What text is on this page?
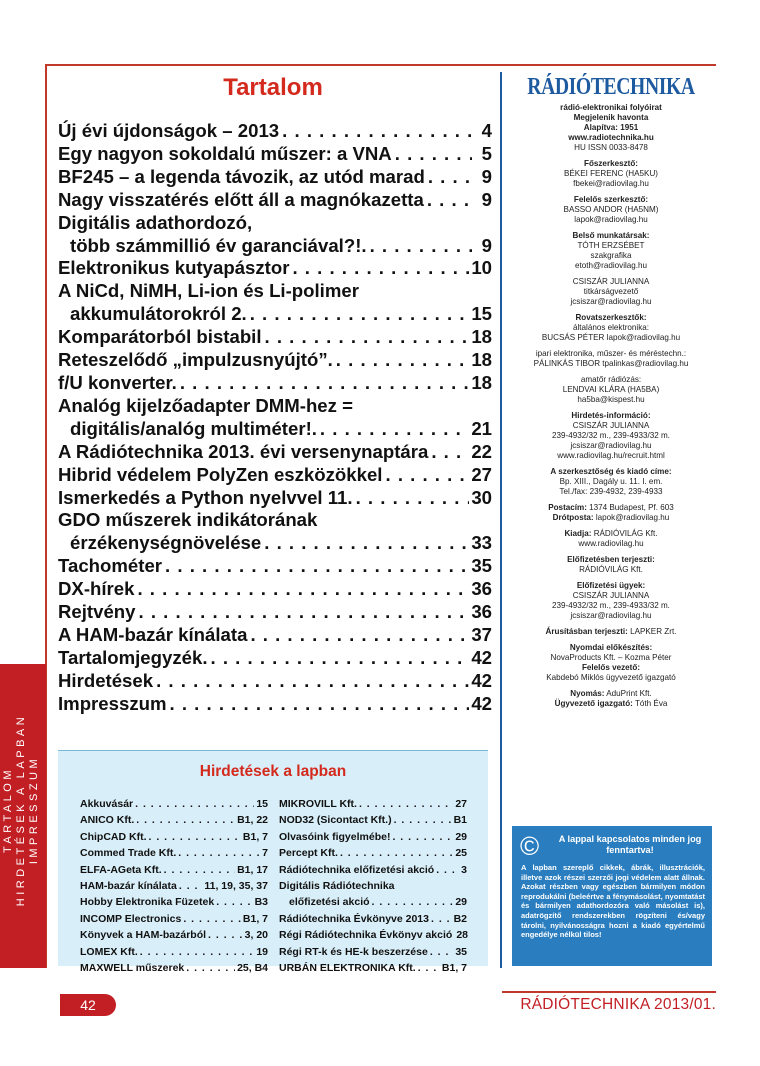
TARTALOM HIRDETÉSEK A LAPBAN IMPRESSZUM
Tartalom
Új évi újdonságok – 2013 . . .	4
Egy nagyon sokoldalú műszer: a VNA . . .	5
BF245 – a legenda távozik, az utód marad . . .	9
Nagy visszatérés előtt áll a magnókazetta . . .	9
Digitális adathordozó,
több számmillió év garanciával?!. . . .	9
Elektronikus kutyapásztor . . .	10
A NiCd, NiMH, Li-ion és Li-polimer
akkumulátorokról 2. . . .	15
Komparátorból bistabil . . .	18
Reteszelődő „impulzusnyújtó”. . . .	18
f/U konverter. . . .	18
Analóg kijelzőadapter DMM-hez =
digitális/analóg multiméter!. . . .	21
A Rádiótechnika 2013. évi versenynaptára . . . 22
Hibrid védelem PolyZen eszközökkel . . .	27
Ismerkedés a Python nyelvvel 11. . . .	30
GDO műszerek indikátorának
érzékenységnövelése . . .	33
Tachométer . . .	35
DX-hírek . . .	36
Rejtvény . . .	36
A HAM-bazár kínálata . . .	37
Tartalomjegyzék. . . .	42
Hirdetések . . .	42
Impresszum . . .	42
Hirdetések a lapban
Akkuvásár . . .	15
ANICO Kft. . . .	B1, 22
ChipCAD Kft. . . .	B1, 7
Commed Trade Kft. . . .	7
ELFA-AGeta Kft. . . .	B1, 17
HAM-bazár kínálata . . .	11, 19, 35, 37
Hobby Elektronika Füzetek . . .	B3
INCOMP Electronics . . .	B1, 7
Könyvek a HAM-bazárból . . .	3, 20
LOMEX Kft. . . .	19
MAXWELL műszerek . . .	25, B4
MIKROVILL Kft. . . .	27
NOD32 (Sicontact Kft.) . . .	B1
Olvasóink figyelmébe! . . .	29
Percept Kft. . . .	25
Rádiótechnika előfizetési akció . . .	3
Digitális Rádiótechnika
előfizetési akció . . .	29
Rádiótechnika Évkönyve 2013 . . . B2
Régi Rádiótechnika Évkönyv akció . . . 28
Régi RT-k és HE-k beszerzése . . .	35
URBÁN ELEKTRONIKA Kft. . . . B1, 7
RÁDIÓTECHNIKA
rádió-elektronikai folyóirat
Megjelenik havonta
Alapítva: 1951
www.radiotechnika.hu
HU ISSN 0033-8478
Főszerkesztő:
BÉKEI FERENC (HA5KU)
fbekei@radiovilag.hu
Felelős szerkesztő:
BASSO ANDOR (HA5NM)
lapok@radiovilag.hu
Belső munkatársak:
TÓTH ERZSÉBET
szakgrafika
etoth@radiovilag.hu
CSISZÁR JULIANNA
titkárságvezető
jcsiszar@radiovilag.hu
Rovatszerkesztők:
általános elektronika:
BUCSÁS PÉTER lapok@radiovilag.hu
ipari elektronika, műszer- és méréstechn.:
PÁLINKÁS TIBOR tpalinkas@radiovilag.hu
amatőr rádiózás:
LENDVAI KLÁRA (HA5BA)
ha5ba@kispest.hu
Hirdetés-információ:
CSISZÁR JULIANNA
239-4932/32 m., 239-4933/32 m.
jcsiszar@radiovilag.hu
www.radiovilag.hu/recruit.html
A szerkesztőség és kiadó címe:
Bp. XIII., Dagály u. 11. I. em.
Tel./fax: 239-4932, 239-4933
Postacím: 1374 Budapest, Pf. 603
Drótposta: lapok@radiovilag.hu
Kiadja: RÁDIÓVILÁG Kft.
www.radiovilag.hu
Előfizetésben terjeszti:
RÁDIÓVILÁG Kft.
Előfizetési ügyek:
CSISZÁR JULIANNA
239-4932/32 m., 239-4933/32 m.
jcsiszar@radiovilag.hu
Árusításban terjeszti: LAPKER Zrt.
Nyomdai előkészítés:
NovaProducts Kft. – Kozma Péter
Felelős vezető:
Kabdebó Miklós ügyvezető igazgató
Nyomás: AduPrint Kft.
Ügyvezető igazgató: Tóth Éva
©	A lappal kapcsolatos minden jog fenntartva!
A lapban szereplő cikkek, ábrák, illusztrációk, illetve azok részei szerzői jogi védelem alatt állnak. Azokat részben vagy egészben bármilyen módon reprodukálni (beleértve a fénymásolást, nyomtatást és bármilyen adathordozóra való másolást is), adatrögzítő rendszerekben rögzíteni és/vagy tárolni, nyilvánosságra hozni a kiadó egyértelmű engedélye nélkül tilos!
42	RÁDIÓTECHNIKA 2013/01.
